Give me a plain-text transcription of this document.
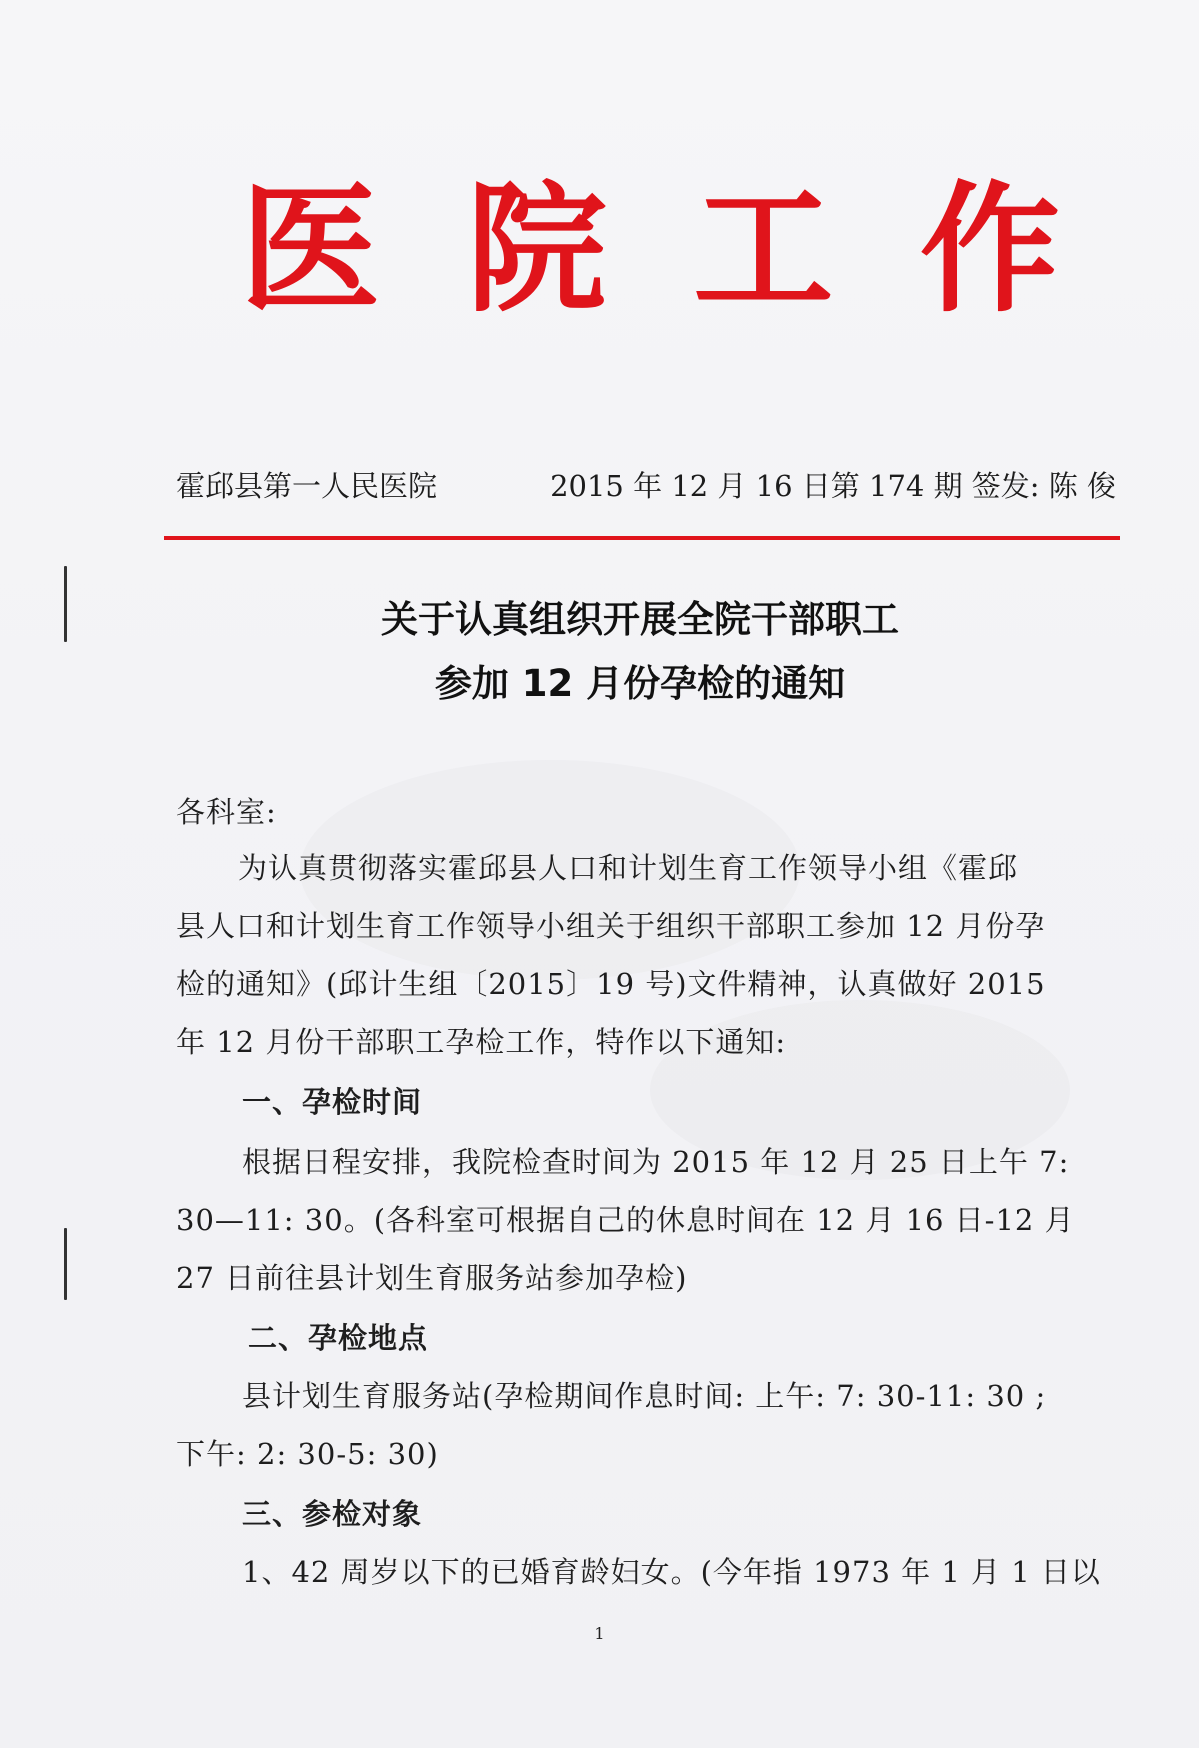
医 院 工 作
霍邱县第一人民医院	2015 年 12 月 16 日第 174 期 签发: 陈 俊
关于认真组织开展全院干部职工
参加 12 月份孕检的通知
各科室:
为认真贯彻落实霍邱县人口和计划生育工作领导小组《霍邱
县人口和计划生育工作领导小组关于组织干部职工参加 12 月份孕
检的通知》(邱计生组〔2015〕19 号)文件精神，认真做好 2015
年 12 月份干部职工孕检工作，特作以下通知:
一、孕检时间
根据日程安排，我院检查时间为 2015 年 12 月 25 日上午 7:
30—11: 30。(各科室可根据自己的休息时间在 12 月 16 日-12 月
27 日前往县计划生育服务站参加孕检)
二、孕检地点
县计划生育服务站(孕检期间作息时间: 上午: 7: 30-11: 30 ;
下午: 2: 30-5: 30)
三、参检对象
1、42 周岁以下的已婚育龄妇女。(今年指 1973 年 1 月 1 日以
1
